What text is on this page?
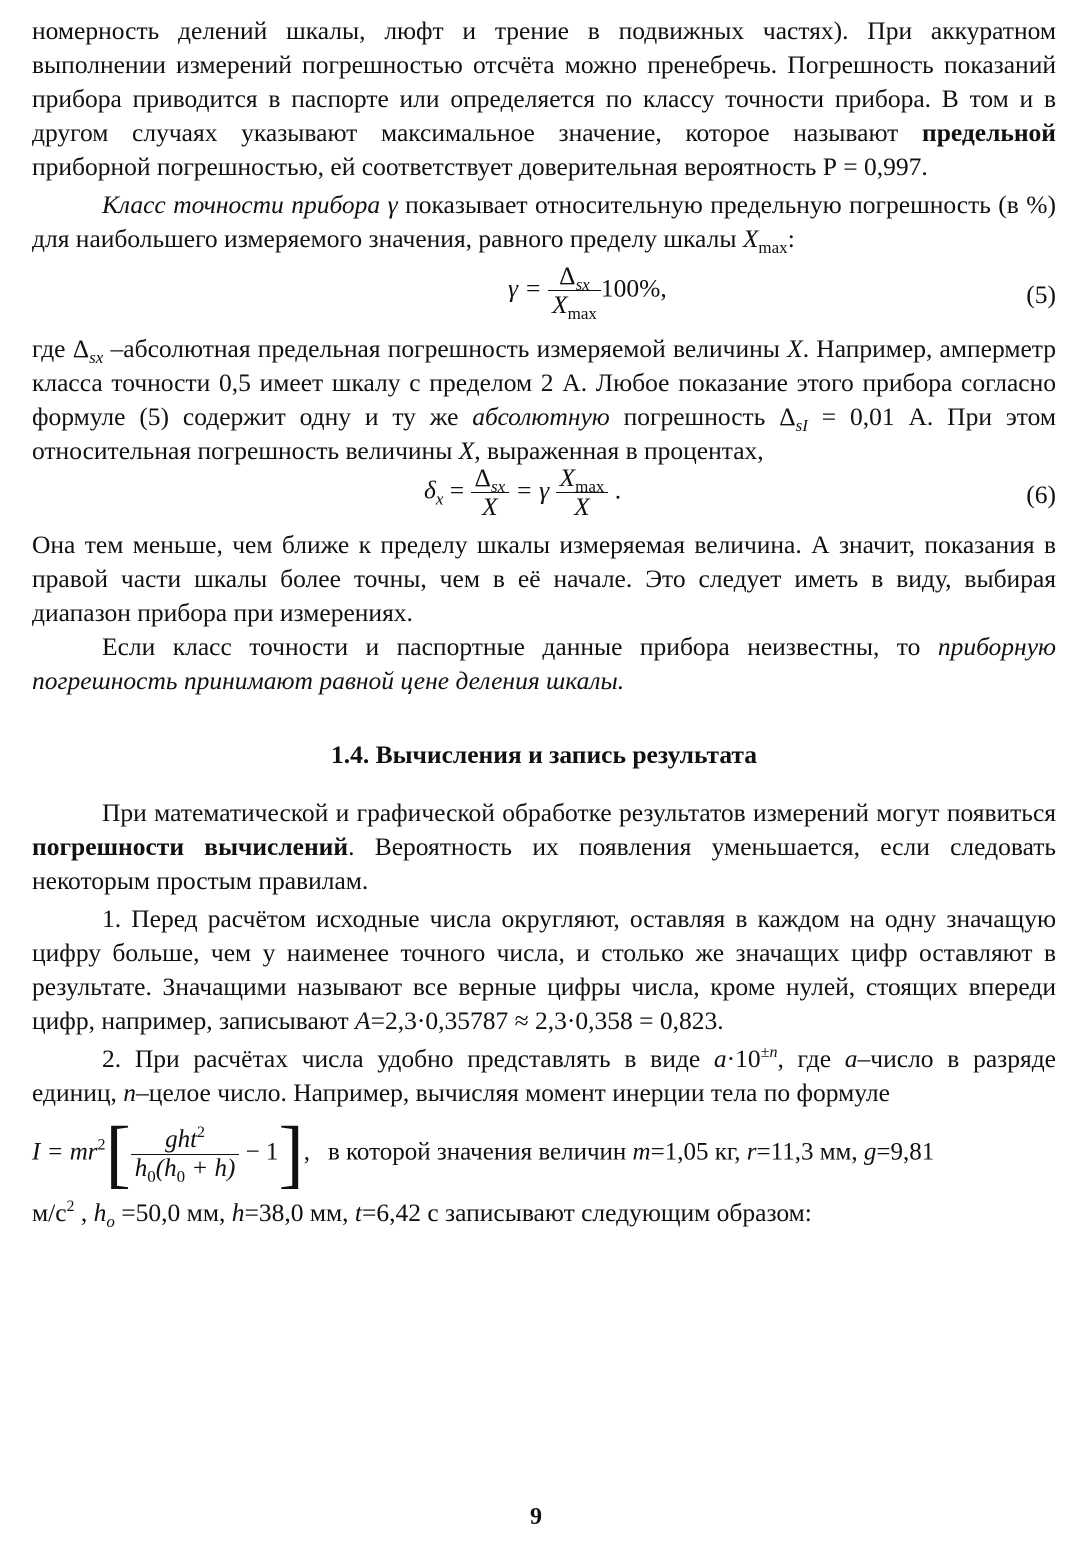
номерность делений шкалы, люфт и трение в подвижных частях). При аккуратном выполнении измерений погрешностью отсчёта можно пренебречь. Погрешность показаний прибора приводится в паспорте или определяется по классу точности прибора. В том и в другом случаях указывают максимальное значение, которое называют предельной приборной погрешностью, ей соответствует доверительная вероятность Р = 0,997.

Класс точности прибора γ показывает относительную предельную погрешность (в %) для наибольшего измеряемого значения, равного пределу шкалы $X_{max}$:

$\gamma = \frac{\Delta_{sx}}{X_{max}} 100\%$,	(5)

где $\Delta_{sx}$ –абсолютная предельная погрешность измеряемой величины X. Например, амперметр класса точности 0,5 имеет шкалу с пределом 2 А. Любое показание этого прибора согласно формуле (5) содержит одну и ту же абсолютную погрешность $\Delta_{sI} = 0,01$ А. При этом относительная погрешность величины X, выраженная в процентах,

$\delta_x = \frac{\Delta_{sx}}{X} = \gamma \frac{X_{max}}{X}$ .	(6)

Она тем меньше, чем ближе к пределу шкалы измеряемая величина. А значит, показания в правой части шкалы более точны, чем в её начале. Это следует иметь в виду, выбирая диапазон прибора при измерениях.

Если класс точности и паспортные данные прибора неизвестны, то приборную погрешность принимают равной цене деления шкалы.

1.4. Вычисления и запись результата

При математической и графической обработке результатов измерений могут появиться погрешности вычислений. Вероятность их появления уменьшается, если следовать некоторым простым правилам.

1. Перед расчётом исходные числа округляют, оставляя в каждом на одну значащую цифру больше, чем у наименее точного числа, и столько же значащих цифр оставляют в результате. Значащими называют все верные цифры числа, кроме нулей, стоящих впереди цифр, например, записывают A=2,3·0,35787 ≈ 2,3·0,358 = 0,823.

2. При расчётах числа удобно представлять в виде $a\cdot 10^{\pm n}$, где a–число в разряде единиц, n–целое число. Например, вычисляя момент инерции тела по формуле

$I = mr^2[ \frac{ght^2}{h_0(h_0 + h)} - 1]$, в которой значения величин m=1,05 кг, r=11,3 мм, g=9,81

$м/с^2$ , $h_o =50,0$ мм, h=38,0 мм, t=6,42 с записывают следующим образом:

9
